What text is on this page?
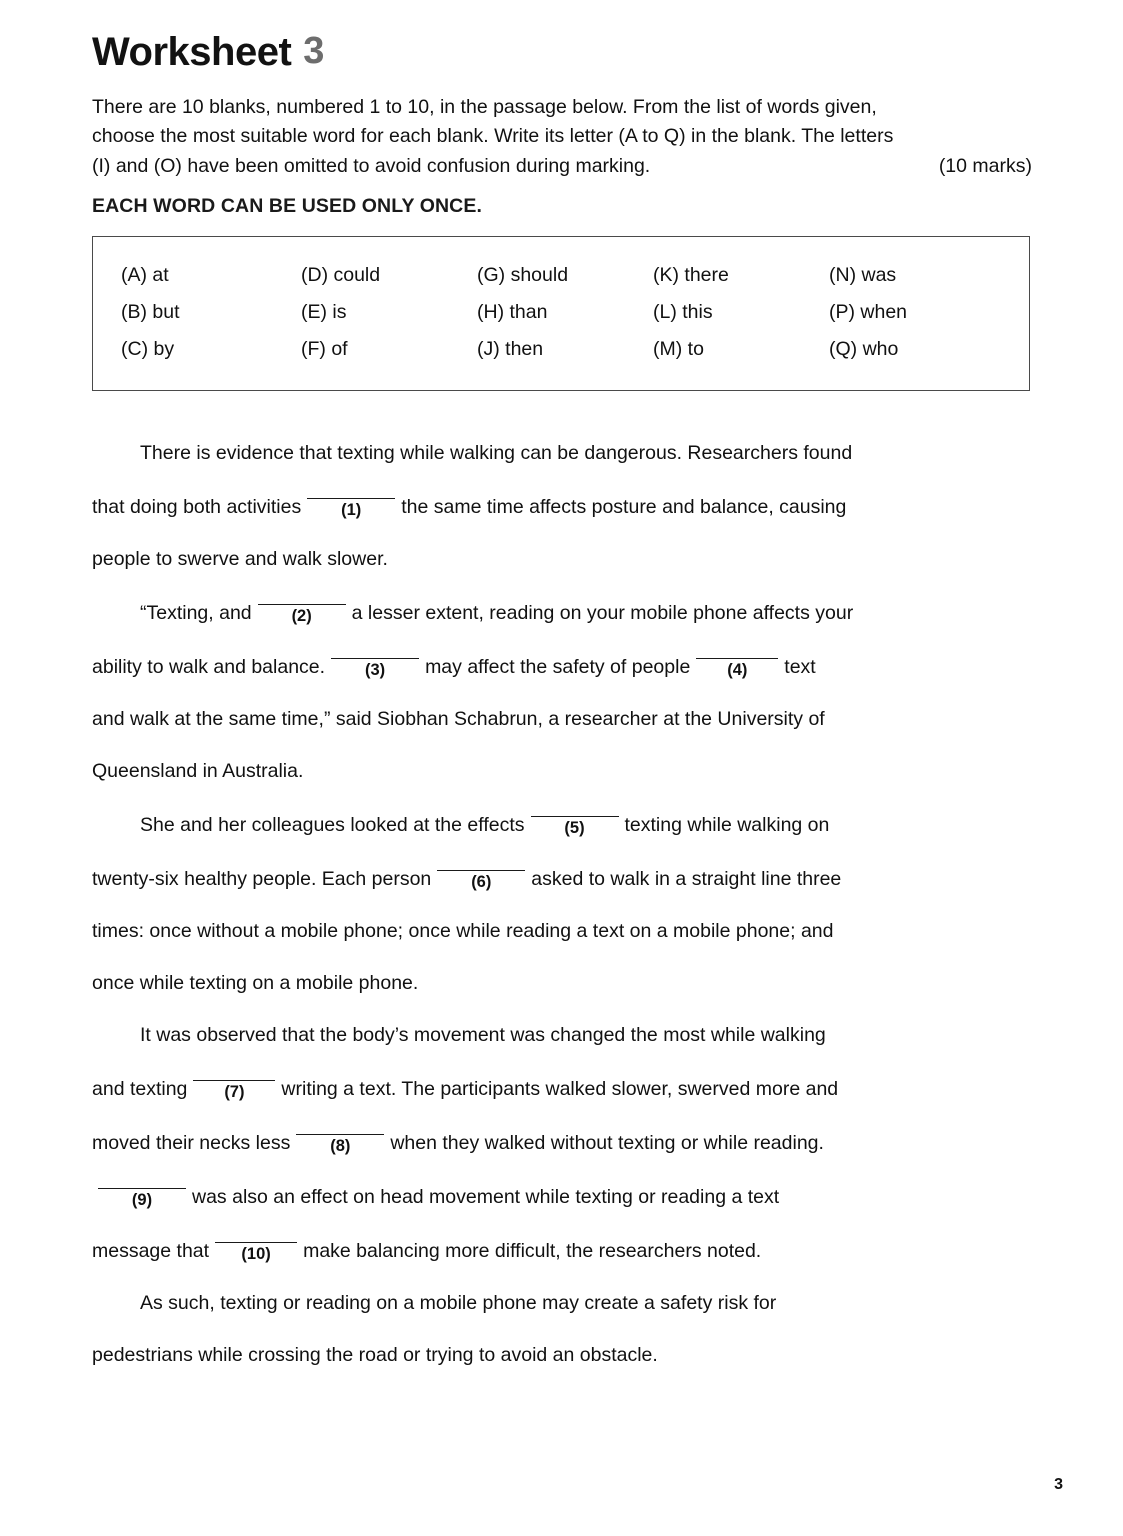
Worksheet 3
There are 10 blanks, numbered 1 to 10, in the passage below. From the list of words given,
choose the most suitable word for each blank. Write its letter (A to Q) in the blank. The letters
(10 marks)
(I) and (O) have been omitted to avoid confusion during marking.
EACH WORD CAN BE USED ONLY ONCE.
(A) at	(D) could	(G) should	(K) there	(N) was
(B) but	(E) is	(H) than	(L) this	(P) when
(C) by	(F) of	(J) then	(M) to	(Q) who
There is evidence that texting while walking can be dangerous. Researchers found
that doing both activities (1) the same time affects posture and balance, causing
people to swerve and walk slower.
“Texting, and (2) a lesser extent, reading on your mobile phone affects your
ability to walk and balance. (3) may affect the safety of people (4) text
and walk at the same time,” said Siobhan Schabrun, a researcher at the University of
Queensland in Australia.
She and her colleagues looked at the effects (5) texting while walking on
twenty-six healthy people. Each person (6) asked to walk in a straight line three
times: once without a mobile phone; once while reading a text on a mobile phone; and
once while texting on a mobile phone.
It was observed that the body’s movement was changed the most while walking
and texting (7) writing a text. The participants walked slower, swerved more and
moved their necks less (8) when they walked without texting or while reading.
(9) was also an effect on head movement while texting or reading a text
message that (10) make balancing more difficult, the researchers noted.
As such, texting or reading on a mobile phone may create a safety risk for
pedestrians while crossing the road or trying to avoid an obstacle.
3
